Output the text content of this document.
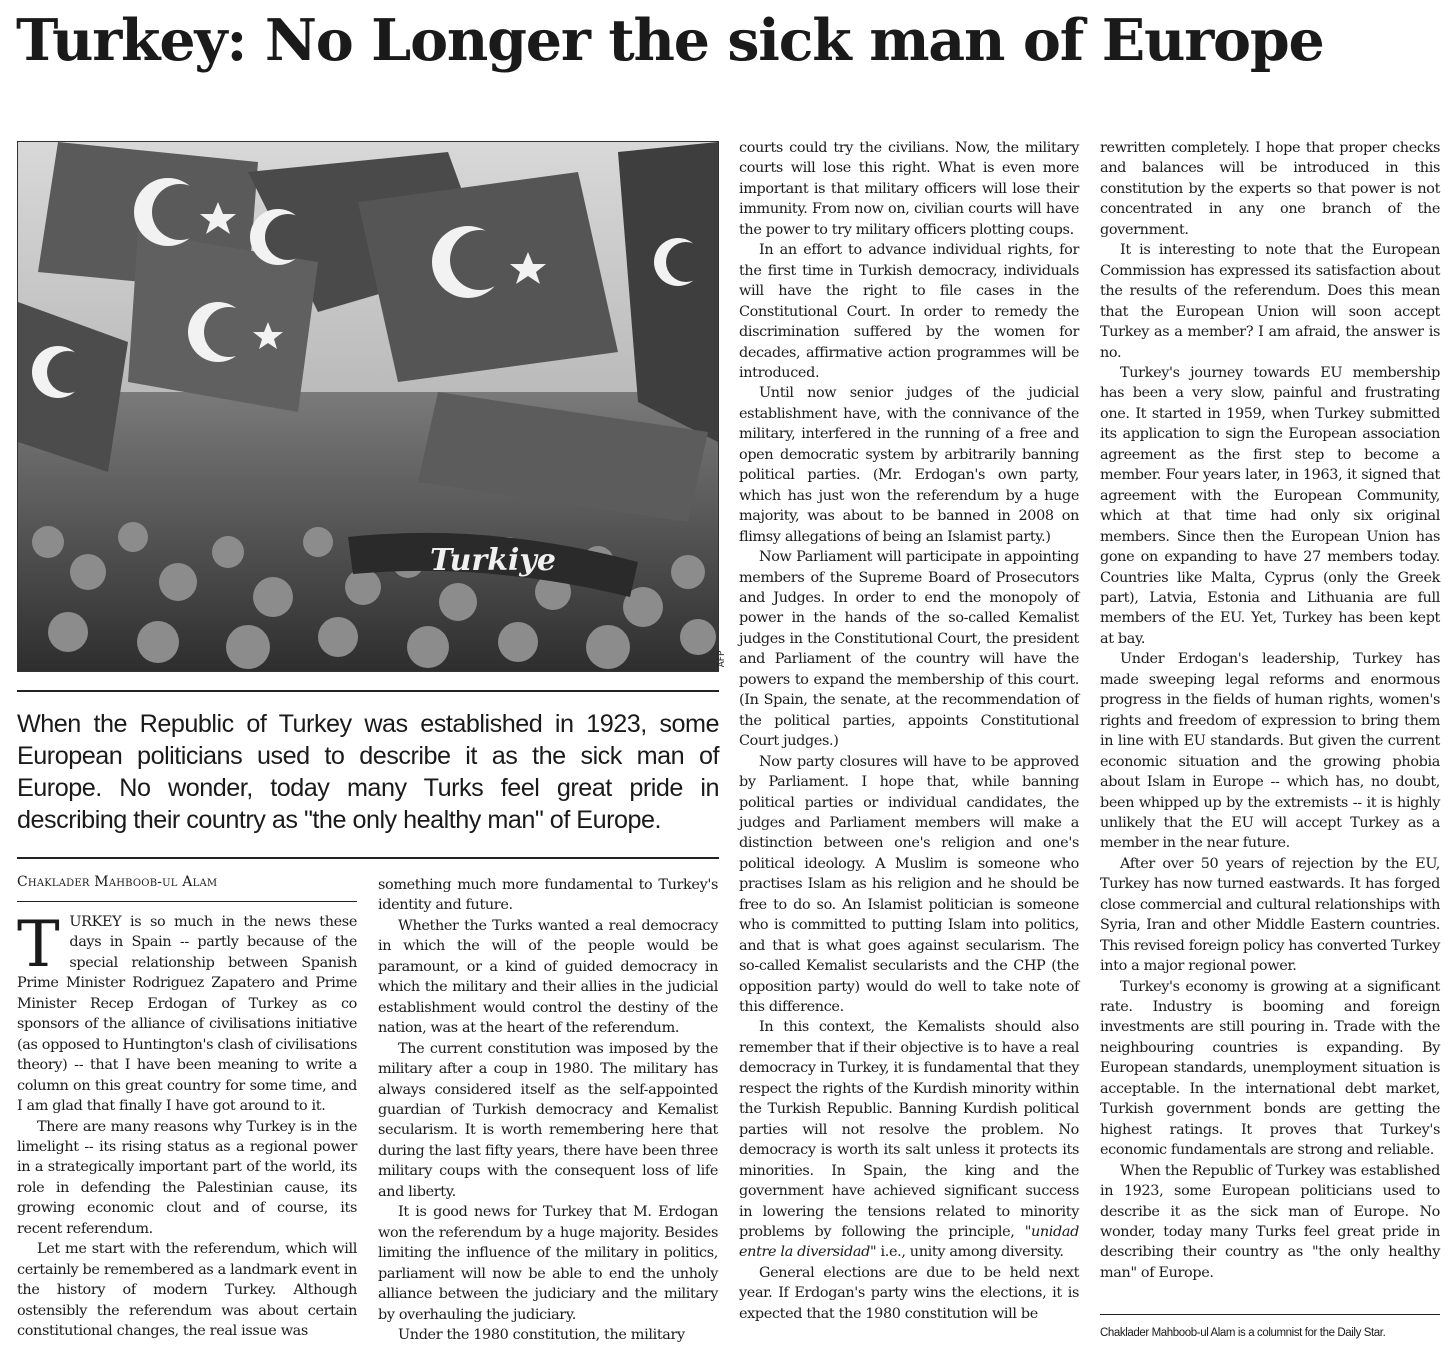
Turkey: No Longer the sick man of Europe
Turkiye
AFP

When the Republic of Turkey was established in 1923, some European politicians used to describe it as the sick man of Europe. No wonder, today many Turks feel great pride in describing their country as "the only healthy man" of Europe.

Chaklader Mahboob-ul Alam

TURKEY is so much in the news these days in Spain -- partly because of the special relationship between Spanish Prime Minister Rodriguez Zapatero and Prime Minister Recep Erdogan of Turkey as co sponsors of the alliance of civilisations initiative (as opposed to Huntington's clash of civilisations theory) -- that I have been meaning to write a column on this great country for some time, and I am glad that finally I have got around to it.

There are many reasons why Turkey is in the limelight -- its rising status as a regional power in a strategically important part of the world, its role in defending the Palestinian cause, its growing economic clout and of course, its recent referendum.

Let me start with the referendum, which will certainly be remembered as a landmark event in the history of modern Turkey. Although ostensibly the referendum was about certain constitutional changes, the real issue was

something much more fundamental to Turkey's identity and future.

Whether the Turks wanted a real democracy in which the will of the people would be paramount, or a kind of guided democracy in which the military and their allies in the judicial establishment would control the destiny of the nation, was at the heart of the referendum.

The current constitution was imposed by the military after a coup in 1980. The military has always considered itself as the self-appointed guardian of Turkish democracy and Kemalist secularism. It is worth remembering here that during the last fifty years, there have been three military coups with the consequent loss of life and liberty.

It is good news for Turkey that M. Erdogan won the referendum by a huge majority. Besides limiting the influence of the military in politics, parliament will now be able to end the unholy alliance between the judiciary and the military by overhauling the judiciary.

Under the 1980 constitution, the military

courts could try the civilians. Now, the military courts will lose this right. What is even more important is that military officers will lose their immunity. From now on, civilian courts will have the power to try military officers plotting coups.

In an effort to advance individual rights, for the first time in Turkish democracy, individuals will have the right to file cases in the Constitutional Court. In order to remedy the discrimination suffered by the women for decades, affirmative action programmes will be introduced.

Until now senior judges of the judicial establishment have, with the connivance of the military, interfered in the running of a free and open democratic system by arbitrarily banning political parties. (Mr. Erdogan's own party, which has just won the referendum by a huge majority, was about to be banned in 2008 on flimsy allegations of being an Islamist party.)

Now Parliament will participate in appointing members of the Supreme Board of Prosecutors and Judges. In order to end the monopoly of power in the hands of the so-called Kemalist judges in the Constitutional Court, the president and Parliament of the country will have the powers to expand the membership of this court. (In Spain, the senate, at the recommendation of the political parties, appoints Constitutional Court judges.)

Now party closures will have to be approved by Parliament. I hope that, while banning political parties or individual candidates, the judges and Parliament members will make a distinction between one's religion and one's political ideology. A Muslim is someone who practises Islam as his religion and he should be free to do so. An Islamist politician is someone who is committed to putting Islam into politics, and that is what goes against secularism. The so-called Kemalist secularists and the CHP (the opposition party) would do well to take note of this difference.

In this context, the Kemalists should also remember that if their objective is to have a real democracy in Turkey, it is fundamental that they respect the rights of the Kurdish minority within the Turkish Republic. Banning Kurdish political parties will not resolve the problem. No democracy is worth its salt unless it protects its minorities. In Spain, the king and the government have achieved significant success in lowering the tensions related to minority problems by following the principle, "unidad entre la diversidad" i.e., unity among diversity.

General elections are due to be held next year. If Erdogan's party wins the elections, it is expected that the 1980 constitution will be

rewritten completely. I hope that proper checks and balances will be introduced in this constitution by the experts so that power is not concentrated in any one branch of the government.

It is interesting to note that the European Commission has expressed its satisfaction about the results of the referendum. Does this mean that the European Union will soon accept Turkey as a member? I am afraid, the answer is no.

Turkey's journey towards EU membership has been a very slow, painful and frustrating one. It started in 1959, when Turkey submitted its application to sign the European association agreement as the first step to become a member. Four years later, in 1963, it signed that agreement with the European Community, which at that time had only six original members. Since then the European Union has gone on expanding to have 27 members today. Countries like Malta, Cyprus (only the Greek part), Latvia, Estonia and Lithuania are full members of the EU. Yet, Turkey has been kept at bay.

Under Erdogan's leadership, Turkey has made sweeping legal reforms and enormous progress in the fields of human rights, women's rights and freedom of expression to bring them in line with EU standards. But given the current economic situation and the growing phobia about Islam in Europe -- which has, no doubt, been whipped up by the extremists -- it is highly unlikely that the EU will accept Turkey as a member in the near future.

After over 50 years of rejection by the EU, Turkey has now turned eastwards. It has forged close commercial and cultural relationships with Syria, Iran and other Middle Eastern countries. This revised foreign policy has converted Turkey into a major regional power.

Turkey's economy is growing at a significant rate. Industry is booming and foreign investments are still pouring in. Trade with the neighbouring countries is expanding. By European standards, unemployment situation is acceptable. In the international debt market, Turkish government bonds are getting the highest ratings. It proves that Turkey's economic fundamentals are strong and reliable.

When the Republic of Turkey was established in 1923, some European politicians used to describe it as the sick man of Europe. No wonder, today many Turks feel great pride in describing their country as "the only healthy man" of Europe.

Chaklader Mahboob-ul Alam is a columnist for the Daily Star.
